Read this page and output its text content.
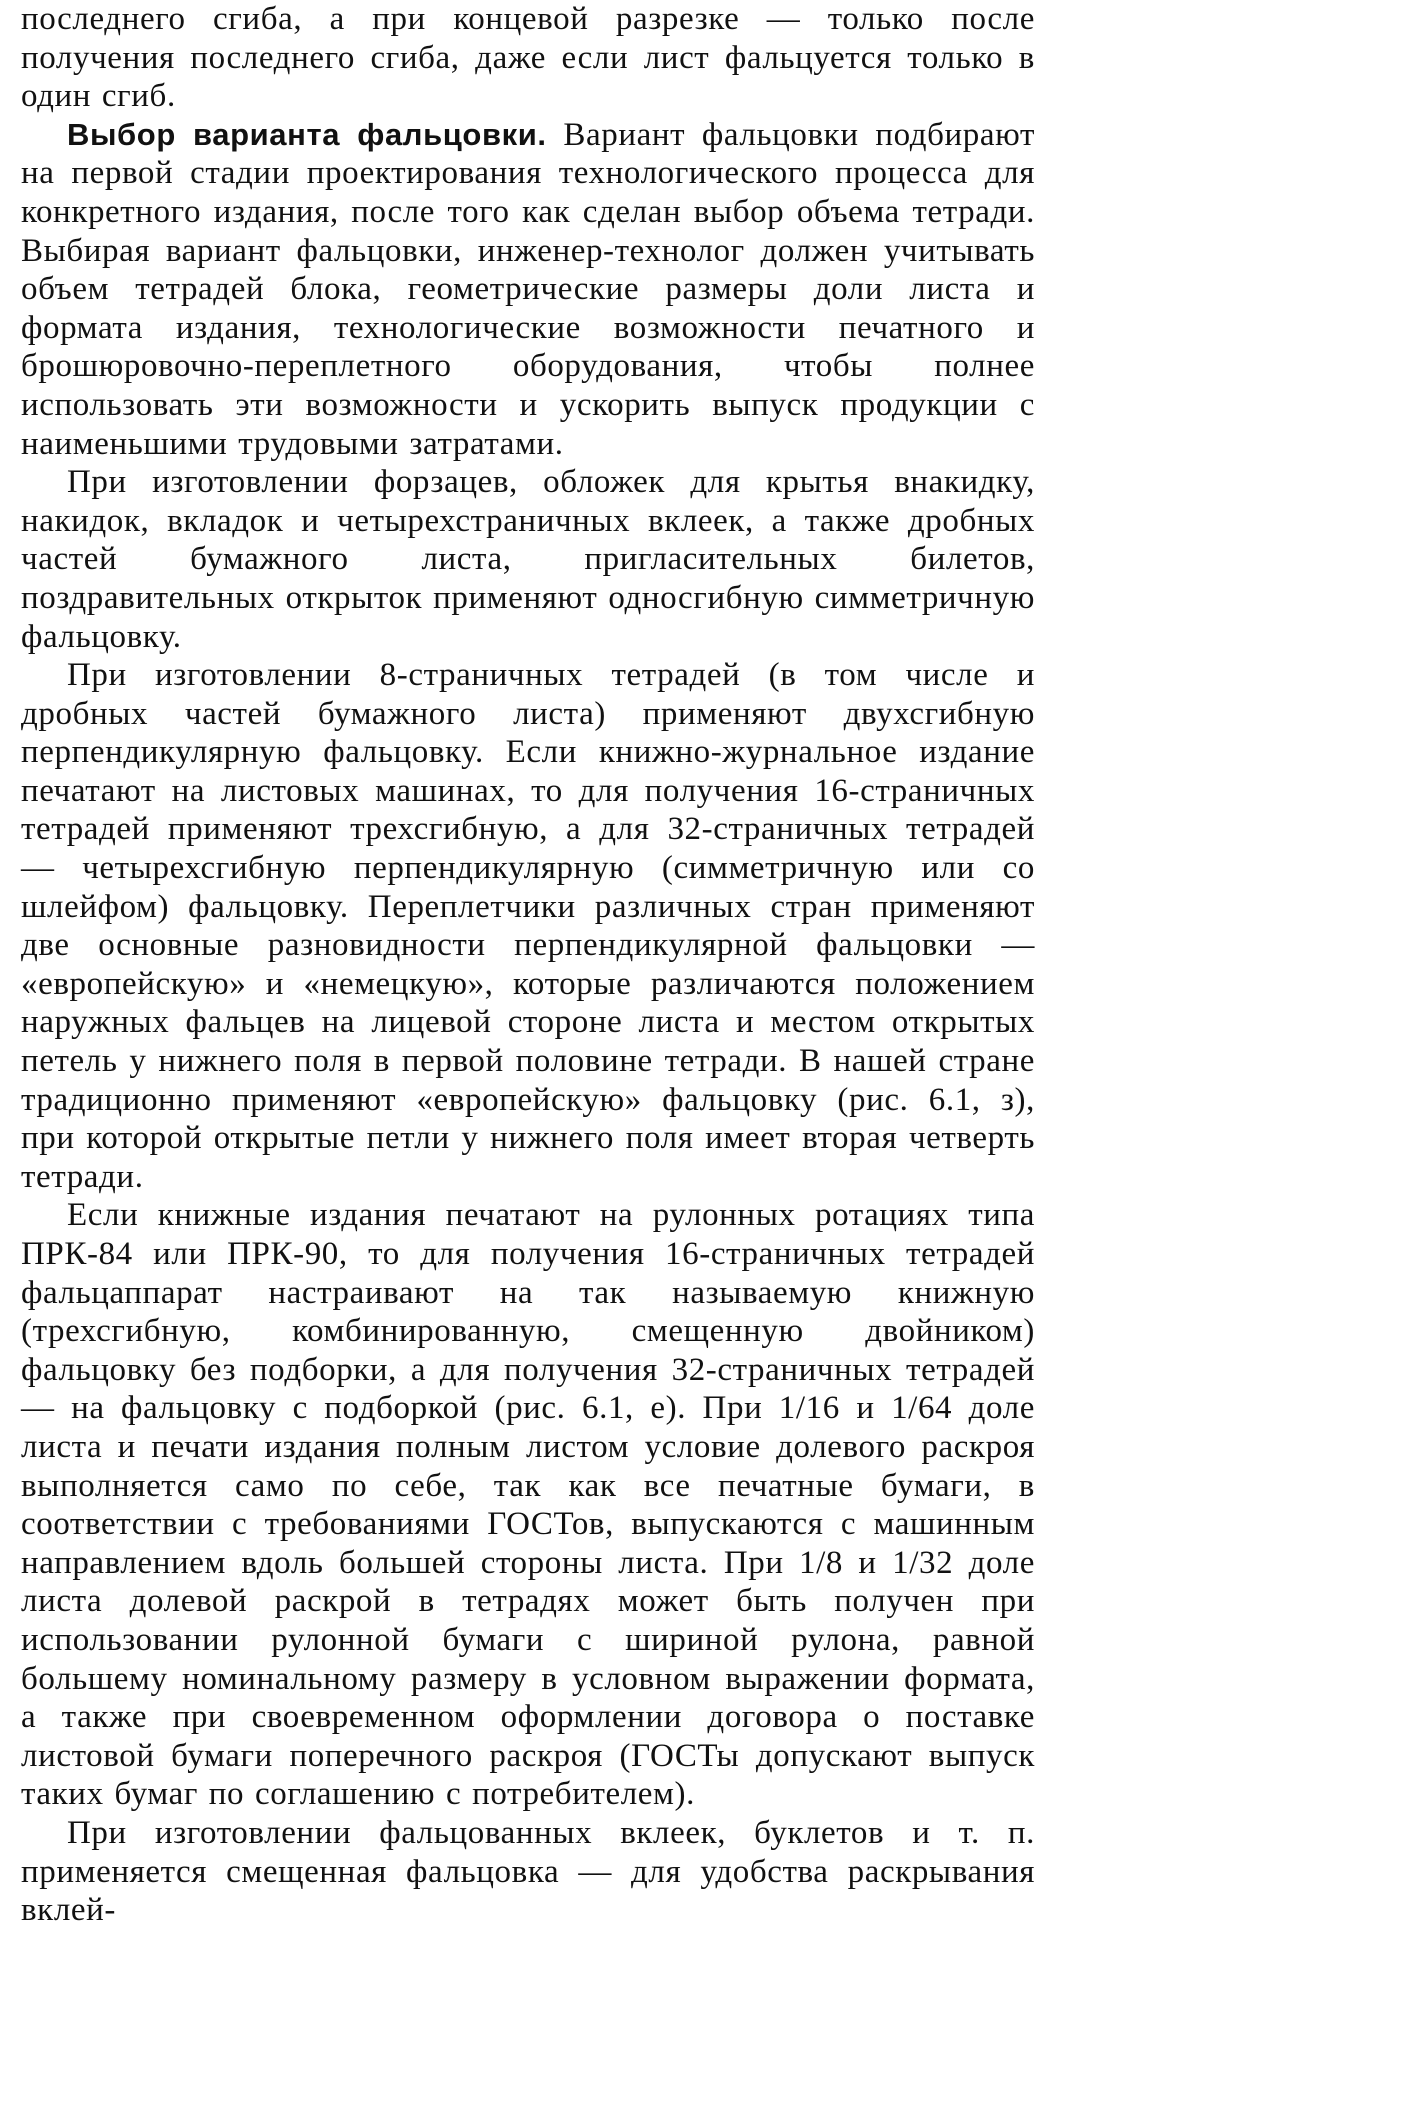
последнего сгиба, а при концевой разрезке — только после получения последнего сгиба, даже если лист фальцуется только в один сгиб.

Выбор варианта фальцовки. Вариант фальцовки подбирают на первой стадии проектирования технологического процесса для конкретного издания, после того как сделан выбор объема тетради. Выбирая вариант фальцовки, инженер-технолог должен учитывать объем тетрадей блока, геометрические размеры доли листа и формата издания, технологические возможности печатного и брошюровочно-переплетного оборудования, чтобы полнее использовать эти возможности и ускорить выпуск продукции с наименьшими трудовыми затратами.

При изготовлении форзацев, обложек для крытья внакидку, накидок, вкладок и четырехстраничных вклеек, а также дробных частей бумажного листа, пригласительных билетов, поздравительных открыток применяют односгибную симметричную фальцовку.

При изготовлении 8-страничных тетрадей (в том числе и дробных частей бумажного листа) применяют двухсгибную перпендикулярную фальцовку. Если книжно-журнальное издание печатают на листовых машинах, то для получения 16-страничных тетрадей применяют трехсгибную, а для 32-страничных тетрадей — четырехсгибную перпендикулярную (симметричную или со шлейфом) фальцовку. Переплетчики различных стран применяют две основные разновидности перпендикулярной фальцовки — «европейскую» и «немецкую», которые различаются положением наружных фальцев на лицевой стороне листа и местом открытых петель у нижнего поля в первой половине тетради. В нашей стране традиционно применяют «европейскую» фальцовку (рис. 6.1, з), при которой открытые петли у нижнего поля имеет вторая четверть тетради.

Если книжные издания печатают на рулонных ротациях типа ПРК-84 или ПРК-90, то для получения 16-страничных тетрадей фальцаппарат настраивают на так называемую книжную (трехсгибную, комбинированную, смещенную двойником) фальцовку без подборки, а для получения 32-страничных тетрадей — на фальцовку с подборкой (рис. 6.1, е). При 1/16 и 1/64 доле листа и печати издания полным листом условие долевого раскроя выполняется само по себе, так как все печатные бумаги, в соответствии с требованиями ГОСТов, выпускаются с машинным направлением вдоль большей стороны листа. При 1/8 и 1/32 доле листа долевой раскрой в тетрадях может быть получен при использовании рулонной бумаги с шириной рулона, равной большему номинальному размеру в условном выражении формата, а также при своевременном оформлении договора о поставке листовой бумаги поперечного раскроя (ГОСТы допускают выпуск таких бумаг по соглашению с потребителем).

При изготовлении фальцованных вклеек, буклетов и т. п. применяется смещенная фальцовка — для удобства раскрывания вклей-
